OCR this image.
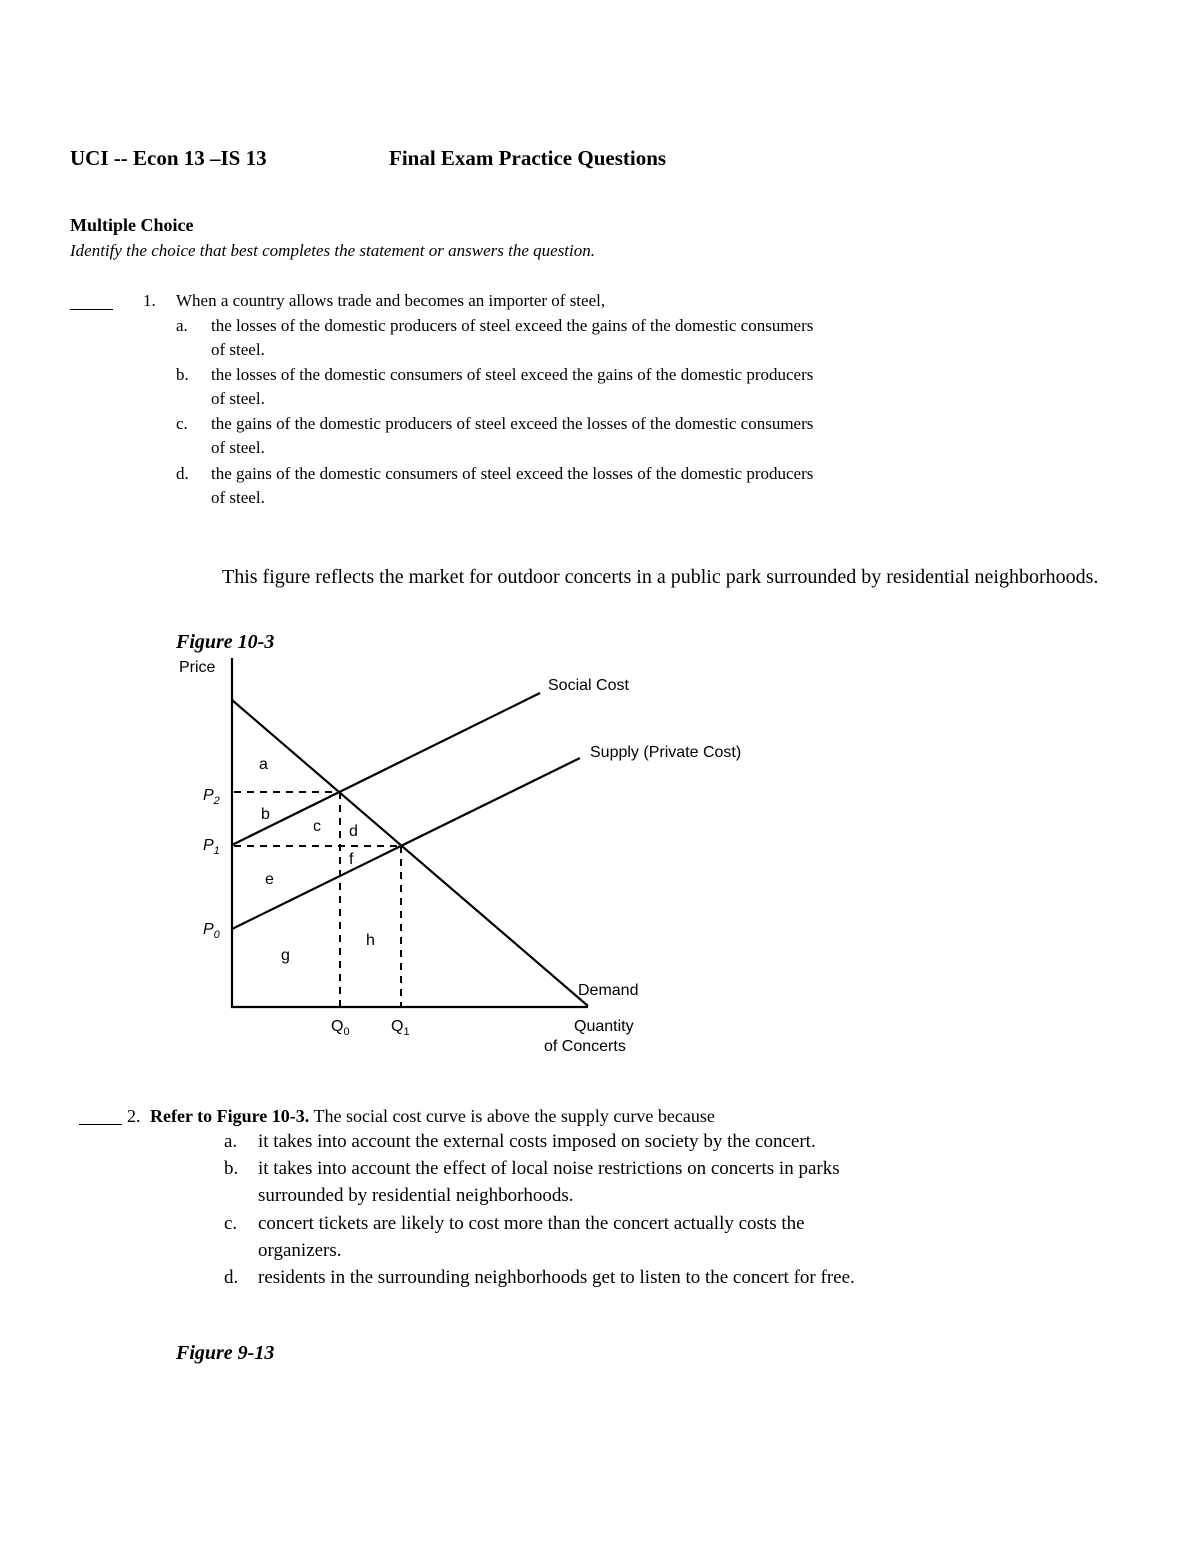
UCI -- Econ 13 –IS 13	Final Exam Practice Questions
Multiple Choice
Identify the choice that best completes the statement or answers the question.
1. When a country allows trade and becomes an importer of steel,
a. the losses of the domestic producers of steel exceed the gains of the domestic consumers
of steel.
b. the losses of the domestic consumers of steel exceed the gains of the domestic producers
of steel.
c. the gains of the domestic producers of steel exceed the losses of the domestic consumers
of steel.
d. the gains of the domestic consumers of steel exceed the losses of the domestic producers
of steel.
This figure reflects the market for outdoor concerts in a public park surrounded by residential neighborhoods.
Figure 10-3
Price
Social Cost
Supply (Private Cost)
Demand
Quantity
of Concerts
$P_2$
$P_1$
$P_0$
$Q_0$	$Q_1$
a
b
c d
e
f
g
h
2. Refer to Figure 10-3. The social cost curve is above the supply curve because
a. it takes into account the external costs imposed on society by the concert.
b. it takes into account the effect of local noise restrictions on concerts in parks
surrounded by residential neighborhoods.
c. concert tickets are likely to cost more than the concert actually costs the
organizers.
d. residents in the surrounding neighborhoods get to listen to the concert for free.
Figure 9-13
